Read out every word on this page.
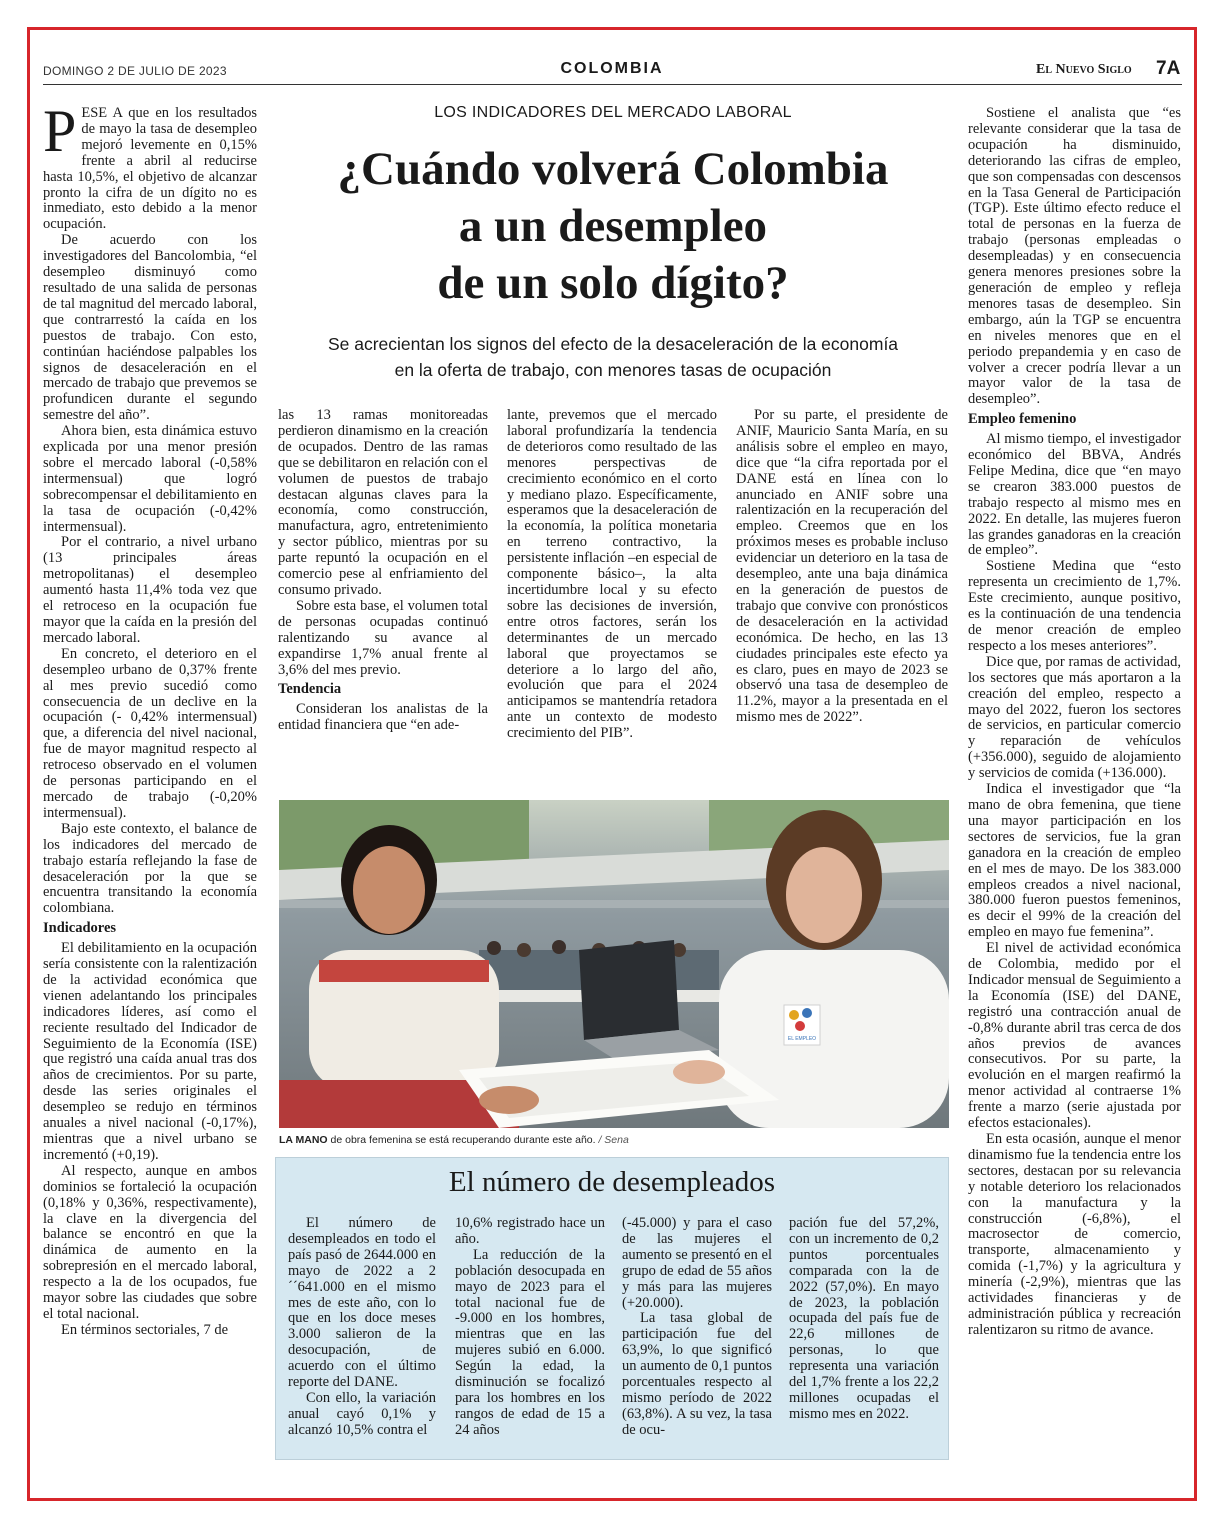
DOMINGO 2 DE JULIO DE 2023	COLOMBIA	El Nuevo Siglo 7A

PESE A que en los resultados de mayo la tasa de desempleo mejoró levemente en 0,15% frente a abril al reducirse hasta 10,5%, el objetivo de alcanzar pronto la cifra de un dígito no es inmediato, esto debido a la menor ocupación.

De acuerdo con los investigadores del Bancolombia, “el desempleo disminuyó como resultado de una salida de personas de tal magnitud del mercado laboral, que contrarrestó la caída en los puestos de trabajo. Con esto, continúan haciéndose palpables los signos de desaceleración en el mercado de trabajo que prevemos se profundicen durante el segundo semestre del año”.

Ahora bien, esta dinámica estuvo explicada por una menor presión sobre el mercado laboral (-0,58% intermensual) que logró sobrecompensar el debilitamiento en la tasa de ocupación (-0,42% intermensual).

Por el contrario, a nivel urbano (13 principales áreas metropolitanas) el desempleo aumentó hasta 11,4% toda vez que el retroceso en la ocupación fue mayor que la caída en la presión del mercado laboral.

En concreto, el deterioro en el desempleo urbano de 0,37% frente al mes previo sucedió como consecuencia de un declive en la ocupación (- 0,42% intermensual) que, a diferencia del nivel nacional, fue de mayor magnitud respecto al retroceso observado en el volumen de personas participando en el mercado de trabajo (-0,20% intermensual).

Bajo este contexto, el balance de los indicadores del mercado de trabajo estaría reflejando la fase de desaceleración por la que se encuentra transitando la economía colombiana.

Indicadores

El debilitamiento en la ocupación sería consistente con la ralentización de la actividad económica que vienen adelantando los principales indicadores líderes, así como el reciente resultado del Indicador de Seguimiento de la Economía (ISE) que registró una caída anual tras dos años de crecimientos. Por su parte, desde las series originales el desempleo se redujo en términos anuales a nivel nacional (-0,17%), mientras que a nivel urbano se incrementó (+0,19).

Al respecto, aunque en ambos dominios se fortaleció la ocupación (0,18% y 0,36%, respectivamente), la clave en la divergencia del balance se encontró en que la dinámica de aumento en la sobrepresión en el mercado laboral, respecto a la de los ocupados, fue mayor sobre las ciudades que sobre el total nacional.

En términos sectoriales, 7 de

LOS INDICADORES DEL MERCADO LABORAL
¿Cuándo volverá Colombia
a un desempleo
de un solo dígito?

Se acrecientan los signos del efecto de la desaceleración de la economía
en la oferta de trabajo, con menores tasas de ocupación

las 13 ramas monitoreadas perdieron dinamismo en la creación de ocupados. Dentro de las ramas que se debilitaron en relación con el volumen de puestos de trabajo destacan algunas claves para la economía, como construcción, manufactura, agro, entretenimiento y sector público, mientras por su parte repuntó la ocupación en el comercio pese al enfriamiento del consumo privado.

Sobre esta base, el volumen total de personas ocupadas continuó ralentizando su avance al expandirse 1,7% anual frente al 3,6% del mes previo.

Tendencia

Consideran los analistas de la entidad financiera que “en ade-

lante, prevemos que el mercado laboral profundizaría la tendencia de deterioros como resultado de las menores perspectivas de crecimiento económico en el corto y mediano plazo. Específicamente, esperamos que la desaceleración de la economía, la política monetaria en terreno contractivo, la persistente inflación –en especial de componente básico–, la alta incertidumbre local y su efecto sobre las decisiones de inversión, entre otros factores, serán los determinantes de un mercado laboral que proyectamos se deteriore a lo largo del año, evolución que para el 2024 anticipamos se mantendría retadora ante un contexto de modesto crecimiento del PIB”.

Por su parte, el presidente de ANIF, Mauricio Santa María, en su análisis sobre el empleo en mayo, dice que “la cifra reportada por el DANE está en línea con lo anunciado en ANIF sobre una ralentización en la recuperación del empleo. Creemos que en los próximos meses es probable incluso evidenciar un deterioro en la tasa de desempleo, ante una baja dinámica en la generación de puestos de trabajo que convive con pronósticos de desaceleración en la actividad económica. De hecho, en las 13 ciudades principales este efecto ya es claro, pues en mayo de 2023 se observó una tasa de desempleo de 11.2%, mayor a la presentada en el mismo mes de 2022”.

Sostiene el analista que “es relevante considerar que la tasa de ocupación ha disminuido, deteriorando las cifras de empleo, que son compensadas con descensos en la Tasa General de Participación (TGP). Este último efecto reduce el total de personas en la fuerza de trabajo (personas empleadas o desempleadas) y en consecuencia genera menores presiones sobre la generación de empleo y refleja menores tasas de desempleo. Sin embargo, aún la TGP se encuentra en niveles menores que en el periodo prepandemia y en caso de volver a crecer podría llevar a un mayor valor de la tasa de desempleo”.

Empleo femenino

Al mismo tiempo, el investigador económico del BBVA, Andrés Felipe Medina, dice que “en mayo se crearon 383.000 puestos de trabajo respecto al mismo mes en 2022. En detalle, las mujeres fueron las grandes ganadoras en la creación de empleo”.

Sostiene Medina que “esto representa un crecimiento de 1,7%. Este crecimiento, aunque positivo, es la continuación de una tendencia de menor creación de empleo respecto a los meses anteriores”.

Dice que, por ramas de actividad, los sectores que más aportaron a la creación del empleo, respecto a mayo del 2022, fueron los sectores de servicios, en particular comercio y reparación de vehículos (+356.000), seguido de alojamiento y servicios de comida (+136.000).

Indica el investigador que “la mano de obra femenina, que tiene una mayor participación en los sectores de servicios, fue la gran ganadora en la creación de empleo en el mes de mayo. De los 383.000 empleos creados a nivel nacional, 380.000 fueron puestos femeninos, es decir el 99% de la creación del empleo en mayo fue femenina”.

El nivel de actividad económica de Colombia, medido por el Indicador mensual de Seguimiento a la Economía (ISE) del DANE, registró una contracción anual de -0,8% durante abril tras cerca de dos años previos de avances consecutivos. Por su parte, la evolución en el margen reafirmó la menor actividad al contraerse 1% frente a marzo (serie ajustada por efectos estacionales).

En esta ocasión, aunque el menor dinamismo fue la tendencia entre los sectores, destacan por su relevancia y notable deterioro los relacionados con la manufactura y la construcción (-6,8%), el macrosector de comercio, transporte, almacenamiento y comida (-1,7%) y la agricultura y minería (-2,9%), mientras que las actividades financieras y de administración pública y recreación ralentizaron su ritmo de avance.

EL EMPLEO
LA MANO de obra femenina se está recuperando durante este año. / Sena
El número de desempleados

El número de desempleados en todo el país pasó de 2644.000 en mayo de 2022 a 2´´641.000 en el mismo mes de este año, con lo que en los doce meses 3.000 salieron de la desocupación, de acuerdo con el último reporte del DANE.

Con ello, la variación anual cayó 0,1% y alcanzó 10,5% contra el

10,6% registrado hace un año.

La reducción de la población desocupada en mayo de 2023 para el total nacional fue de -9.000 en los hombres, mientras que en las mujeres subió en 6.000. Según la edad, la disminución se focalizó para los hombres en los rangos de edad de 15 a 24 años

(-45.000) y para el caso de las mujeres el aumento se presentó en el grupo de edad de 55 años y más para las mujeres (+20.000).

La tasa global de participación fue del 63,9%, lo que significó un aumento de 0,1 puntos porcentuales respecto al mismo período de 2022 (63,8%). A su vez, la tasa de ocu-

pación fue del 57,2%, con un incremento de 0,2 puntos porcentuales comparada con la de 2022 (57,0%). En mayo de 2023, la población ocupada del país fue de 22,6 millones de personas, lo que representa una variación del 1,7% frente a los 22,2 millones ocupadas el mismo mes en 2022.
